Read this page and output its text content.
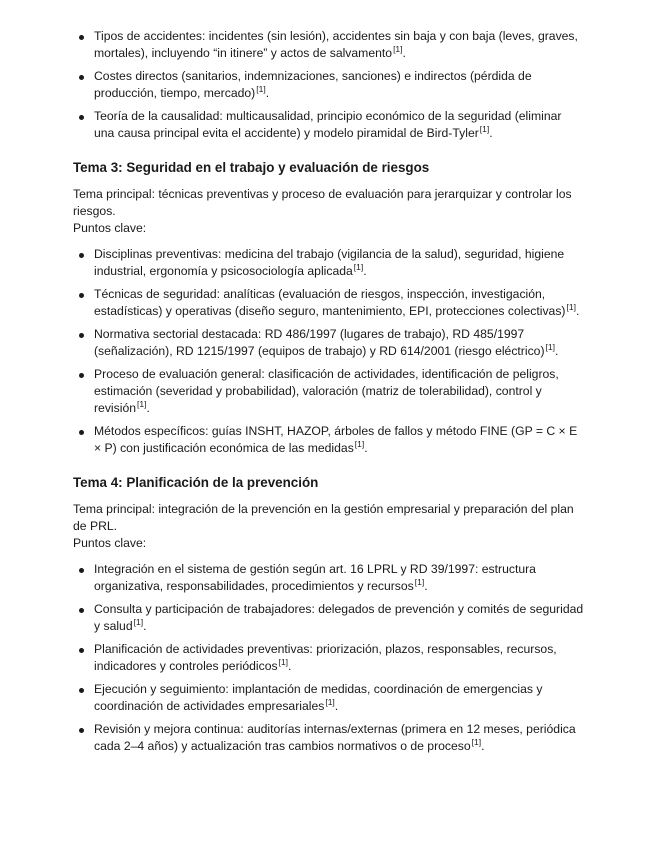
Tipos de accidentes: incidentes (sin lesión), accidentes sin baja y con baja (leves, graves, mortales), incluyendo “in itinere” y actos de salvamento[1].
Costes directos (sanitarios, indemnizaciones, sanciones) e indirectos (pérdida de producción, tiempo, mercado)[1].
Teoría de la causalidad: multicausalidad, principio económico de la seguridad (eliminar una causa principal evita el accidente) y modelo piramidal de Bird-Tyler[1].
Tema 3: Seguridad en el trabajo y evaluación de riesgos

Tema principal: técnicas preventivas y proceso de evaluación para jerarquizar y controlar los riesgos.

Puntos clave:

Disciplinas preventivas: medicina del trabajo (vigilancia de la salud), seguridad, higiene industrial, ergonomía y psicosociología aplicada[1].
Técnicas de seguridad: analíticas (evaluación de riesgos, inspección, investigación, estadísticas) y operativas (diseño seguro, mantenimiento, EPI, protecciones colectivas)[1].
Normativa sectorial destacada: RD 486/1997 (lugares de trabajo), RD 485/1997 (señalización), RD 1215/1997 (equipos de trabajo) y RD 614/2001 (riesgo eléctrico)[1].
Proceso de evaluación general: clasificación de actividades, identificación de peligros, estimación (severidad y probabilidad), valoración (matriz de tolerabilidad), control y revisión[1].
Métodos específicos: guías INSHT, HAZOP, árboles de fallos y método FINE (GP = C × E × P) con justificación económica de las medidas[1].
Tema 4: Planificación de la prevención

Tema principal: integración de la prevención en la gestión empresarial y preparación del plan de PRL.

Puntos clave:

Integración en el sistema de gestión según art. 16 LPRL y RD 39/1997: estructura organizativa, responsabilidades, procedimientos y recursos[1].
Consulta y participación de trabajadores: delegados de prevención y comités de seguridad y salud[1].
Planificación de actividades preventivas: priorización, plazos, responsables, recursos, indicadores y controles periódicos[1].
Ejecución y seguimiento: implantación de medidas, coordinación de emergencias y coordinación de actividades empresariales[1].
Revisión y mejora continua: auditorías internas/externas (primera en 12 meses, periódica cada 2–4 años) y actualización tras cambios normativos o de proceso[1].
